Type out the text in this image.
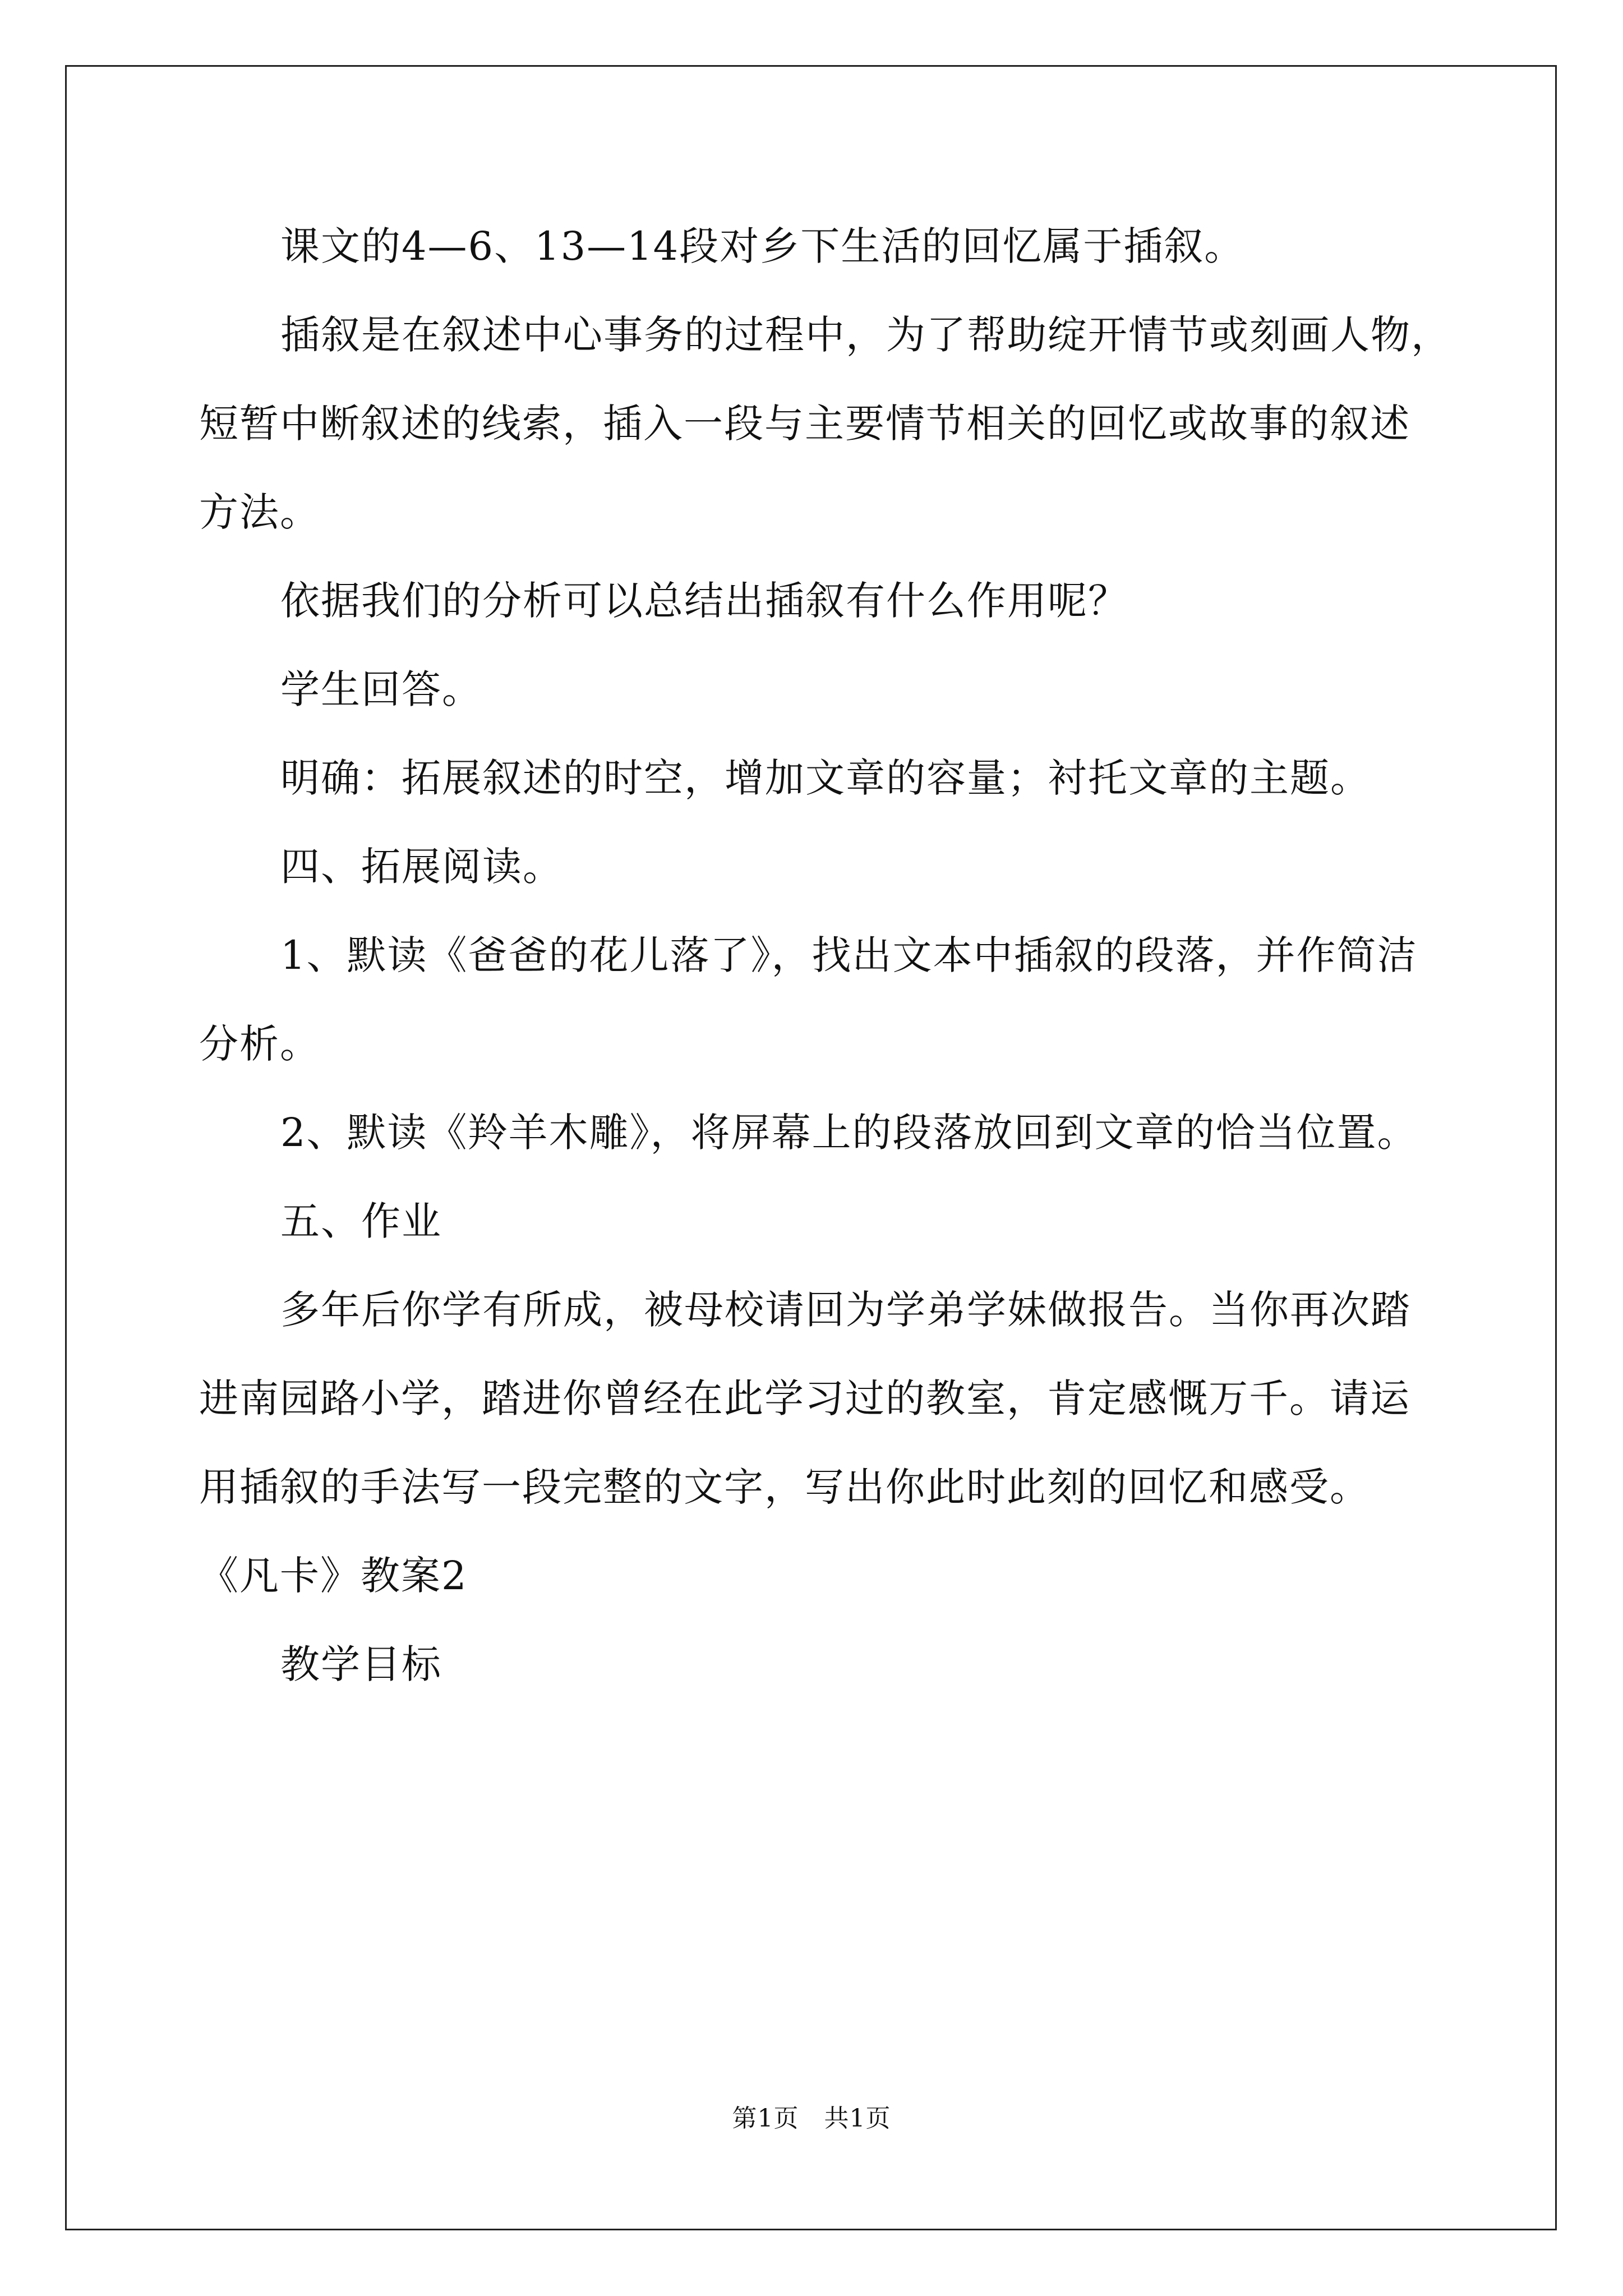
课文的4—6、13—14段对乡下生活的回忆属于插叙。

插叙是在叙述中心事务的过程中，为了帮助绽开情节或刻画人物，

短暂中断叙述的线索，插入一段与主要情节相关的回忆或故事的叙述

方法。

依据我们的分析可以总结出插叙有什么作用呢？

学生回答。

明确：拓展叙述的时空，增加文章的容量；衬托文章的主题。

四、拓展阅读。

1、默读《爸爸的花儿落了》，找出文本中插叙的段落，并作简洁

分析。

2、默读《羚羊木雕》，将屏幕上的段落放回到文章的恰当位置。

五、作业

多年后你学有所成，被母校请回为学弟学妹做报告。当你再次踏

进南园路小学，踏进你曾经在此学习过的教室，肯定感慨万千。请运

用插叙的手法写一段完整的文字，写出你此时此刻的回忆和感受。

《凡卡》教案2

教学目标

第1页　共1页
